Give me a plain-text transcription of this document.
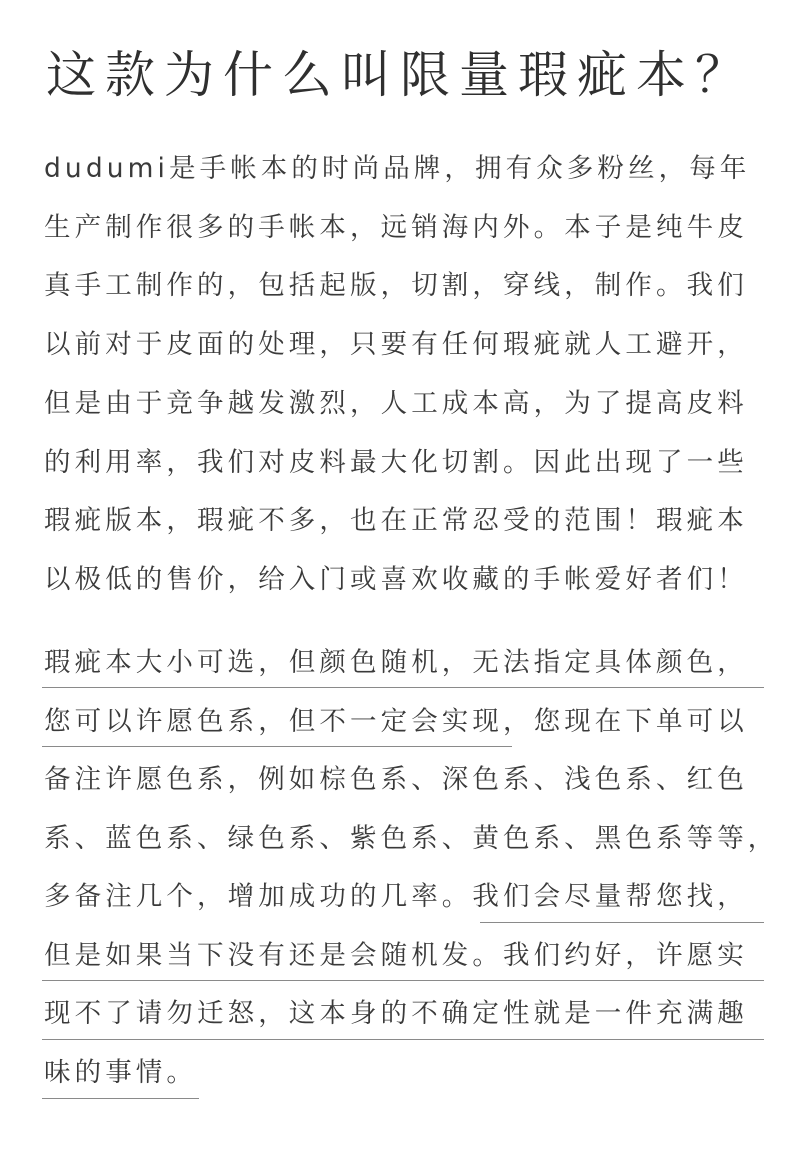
这款为什么叫限量瑕疵本？
dudumi是手帐本的时尚品牌，拥有众多粉丝，每年
生产制作很多的手帐本，远销海内外。本子是纯牛皮
真手工制作的，包括起版，切割，穿线，制作。我们
以前对于皮面的处理，只要有任何瑕疵就人工避开，
但是由于竞争越发激烈，人工成本高，为了提高皮料
的利用率，我们对皮料最大化切割。因此出现了一些
瑕疵版本，瑕疵不多，也在正常忍受的范围！瑕疵本
以极低的售价，给入门或喜欢收藏的手帐爱好者们！
瑕疵本大小可选，但颜色随机，无法指定具体颜色，
您可以许愿色系，但不一定会实现，您现在下单可以
备注许愿色系，例如棕色系、深色系、浅色系、红色
系、蓝色系、绿色系、紫色系、黄色系、黑色系等等，
多备注几个，增加成功的几率。我们会尽量帮您找，
但是如果当下没有还是会随机发。我们约好，许愿实
现不了请勿迁怒，这本身的不确定性就是一件充满趣
味的事情。
